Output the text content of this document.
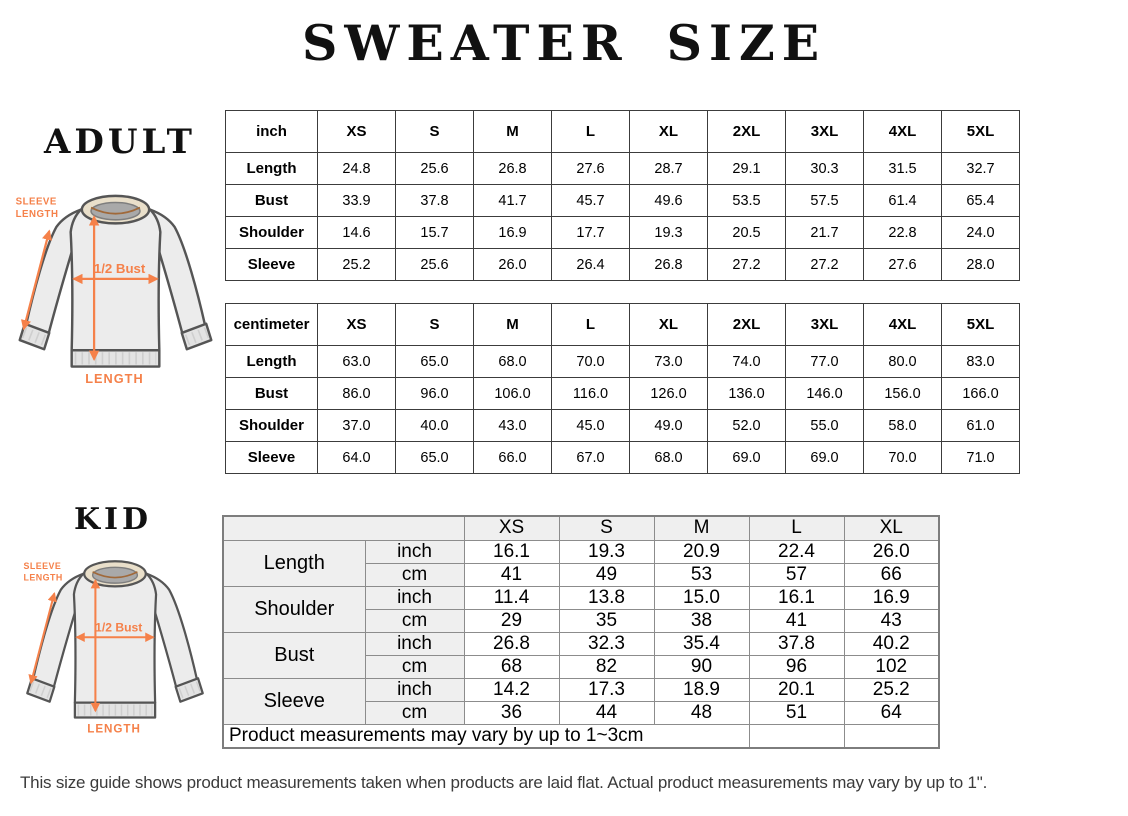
SWEATER SIZE
ADULT	inch	XS	S	M	L	XL	2XL	3XL	4XL	5XL
Length	24.8	25.6	26.8	27.6	28.7	29.1	30.3	31.5	32.7
Bust	33.9	37.8	41.7	45.7	49.6	53.5	57.5	61.4	65.4
Shoulder	14.6	15.7	16.9	17.7	19.3	20.5	21.7	22.8	24.0
Sleeve	25.2	25.6	26.0	26.4	26.8	27.2	27.2	27.6	28.0
centimeter	XS	S	M	L	XL	2XL	3XL	4XL	5XL
Length	63.0	65.0	68.0	70.0	73.0	74.0	77.0	80.0	83.0
Bust	86.0	96.0	106.0	116.0	126.0	136.0	146.0	156.0	166.0
Shoulder	37.0	40.0	43.0	45.0	49.0	52.0	55.0	58.0	61.0
Sleeve	64.0	65.0	66.0	67.0	68.0	69.0	69.0	70.0	71.0
KID
		XS	S	M	L	XL
Length	inch	16.1	19.3	20.9	22.4	26.0
	cm	41	49	53	57	66
Shoulder	inch	11.4	13.8	15.0	16.1	16.9
	cm	29	35	38	41	43
Bust	inch	26.8	32.3	35.4	37.8	40.2
	cm	68	82	90	96	102
Sleeve	inch	14.2	17.3	18.9	20.1	25.2
	cm	36	44	48	51	64
Product measurements may vary by up to 1~3cm						

This size guide shows product measurements taken when products are laid flat. Actual product measurements may vary by up to 1".
